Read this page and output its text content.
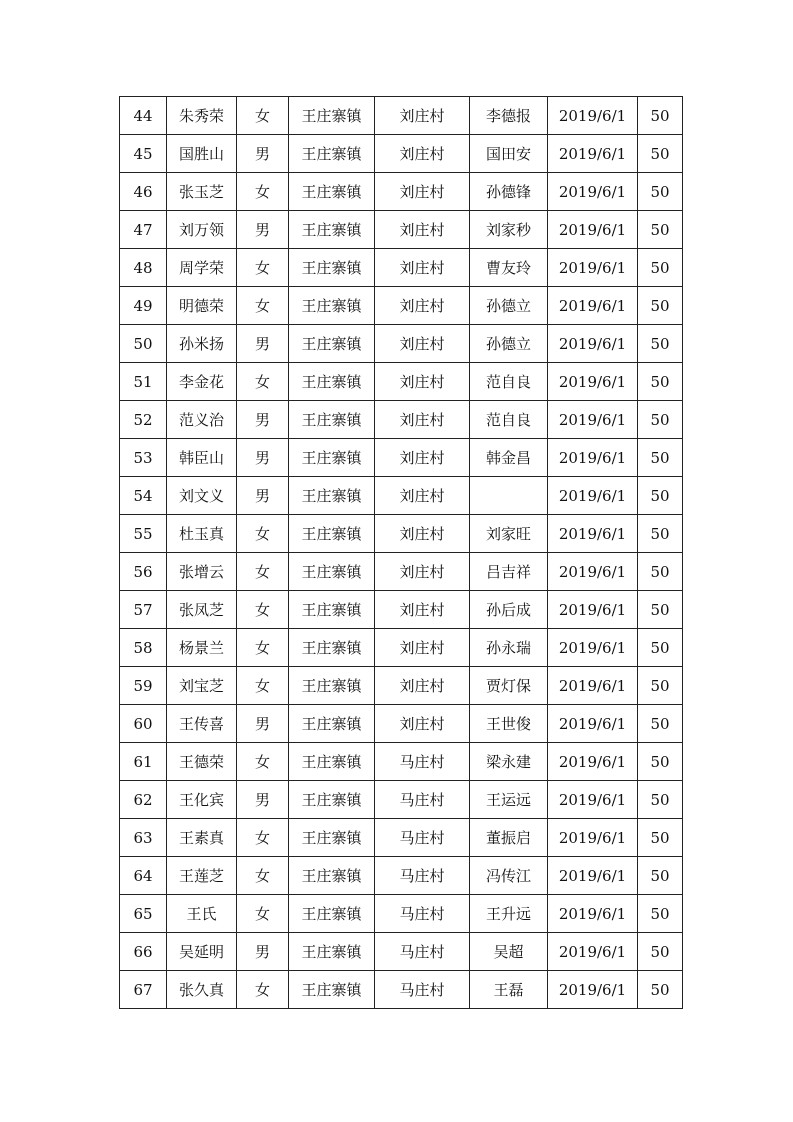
44	朱秀荣	女	王庄寨镇	刘庄村	李德报	2019/6/1	50
45	国胜山	男	王庄寨镇	刘庄村	国田安	2019/6/1	50
46	张玉芝	女	王庄寨镇	刘庄村	孙德锋	2019/6/1	50
47	刘万领	男	王庄寨镇	刘庄村	刘家秒	2019/6/1	50
48	周学荣	女	王庄寨镇	刘庄村	曹友玲	2019/6/1	50
49	明德荣	女	王庄寨镇	刘庄村	孙德立	2019/6/1	50
50	孙米扬	男	王庄寨镇	刘庄村	孙德立	2019/6/1	50
51	李金花	女	王庄寨镇	刘庄村	范自良	2019/6/1	50
52	范义治	男	王庄寨镇	刘庄村	范自良	2019/6/1	50
53	韩臣山	男	王庄寨镇	刘庄村	韩金昌	2019/6/1	50
54	刘文义	男	王庄寨镇	刘庄村		2019/6/1	50
55	杜玉真	女	王庄寨镇	刘庄村	刘家旺	2019/6/1	50
56	张增云	女	王庄寨镇	刘庄村	吕吉祥	2019/6/1	50
57	张凤芝	女	王庄寨镇	刘庄村	孙后成	2019/6/1	50
58	杨景兰	女	王庄寨镇	刘庄村	孙永瑞	2019/6/1	50
59	刘宝芝	女	王庄寨镇	刘庄村	贾灯保	2019/6/1	50
60	王传喜	男	王庄寨镇	刘庄村	王世俊	2019/6/1	50
61	王德荣	女	王庄寨镇	马庄村	梁永建	2019/6/1	50
62	王化宾	男	王庄寨镇	马庄村	王运远	2019/6/1	50
63	王素真	女	王庄寨镇	马庄村	董振启	2019/6/1	50
64	王莲芝	女	王庄寨镇	马庄村	冯传江	2019/6/1	50
65	王氏	女	王庄寨镇	马庄村	王升远	2019/6/1	50
66	吴延明	男	王庄寨镇	马庄村	吴超	2019/6/1	50
67	张久真	女	王庄寨镇	马庄村	王磊	2019/6/1	50
